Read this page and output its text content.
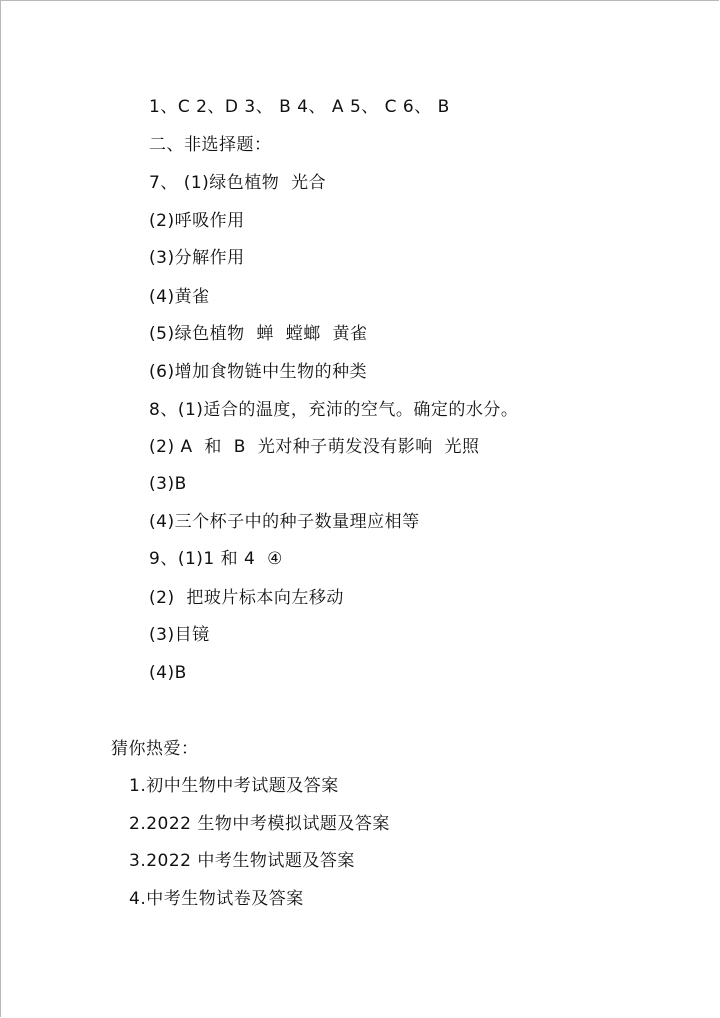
1、C 2、D 3、 B 4、 A 5、 C 6、 B
二、非选择题：
7、 (1)绿色植物  光合
(2)呼吸作用
(3)分解作用
(4)黄雀
(5)绿色植物  蝉  螳螂  黄雀
(6)增加食物链中生物的种类
8、(1)适合的温度，充沛的空气。确定的水分。
(2) A  和  B  光对种子萌发没有影响  光照
(3)B
(4)三个杯子中的种子数量理应相等
9、(1)1 和 4  ④
(2)  把玻片标本向左移动
(3)目镜
(4)B
猜你热爱：
1.初中生物中考试题及答案
2.2022 生物中考模拟试题及答案
3.2022 中考生物试题及答案
4.中考生物试卷及答案
